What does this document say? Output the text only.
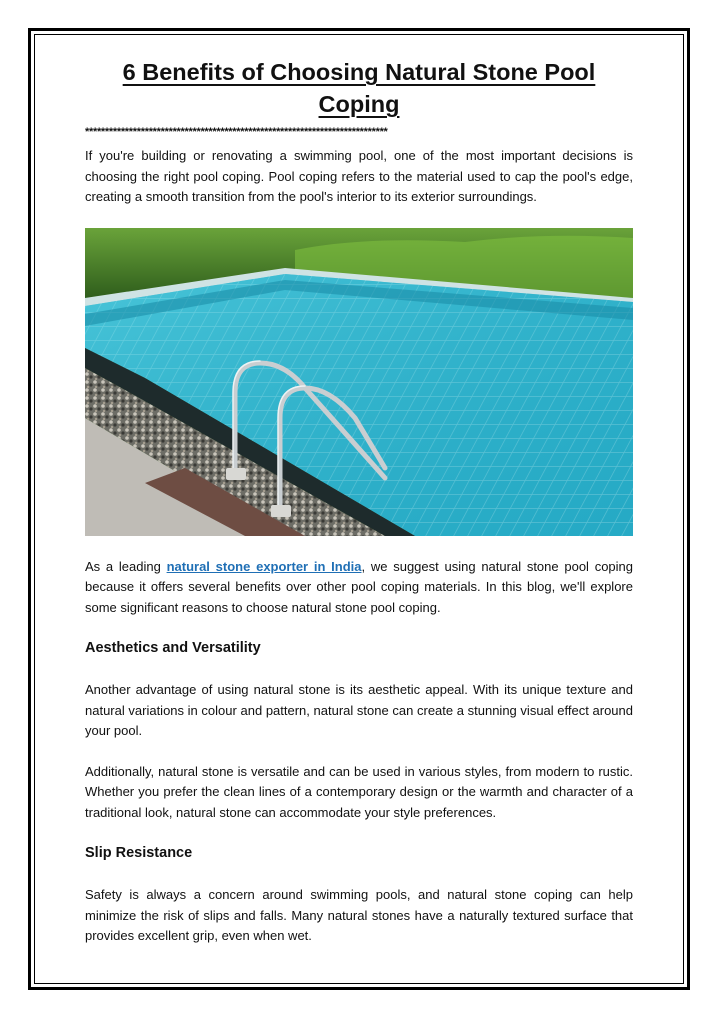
6 Benefits of Choosing Natural Stone Pool Coping
****************************************************************************

If you're building or renovating a swimming pool, one of the most important decisions is choosing the right pool coping. Pool coping refers to the material used to cap the pool's edge, creating a smooth transition from the pool's interior to its exterior surroundings.

As a leading natural stone exporter in India, we suggest using natural stone pool coping because it offers several benefits over other pool coping materials. In this blog, we'll explore some significant reasons to choose natural stone pool coping.

Aesthetics and Versatility

Another advantage of using natural stone is its aesthetic appeal. With its unique texture and natural variations in colour and pattern, natural stone can create a stunning visual effect around your pool.

Additionally, natural stone is versatile and can be used in various styles, from modern to rustic. Whether you prefer the clean lines of a contemporary design or the warmth and character of a traditional look, natural stone can accommodate your style preferences.

Slip Resistance

Safety is always a concern around swimming pools, and natural stone coping can help minimize the risk of slips and falls. Many natural stones have a naturally textured surface that provides excellent grip, even when wet.
